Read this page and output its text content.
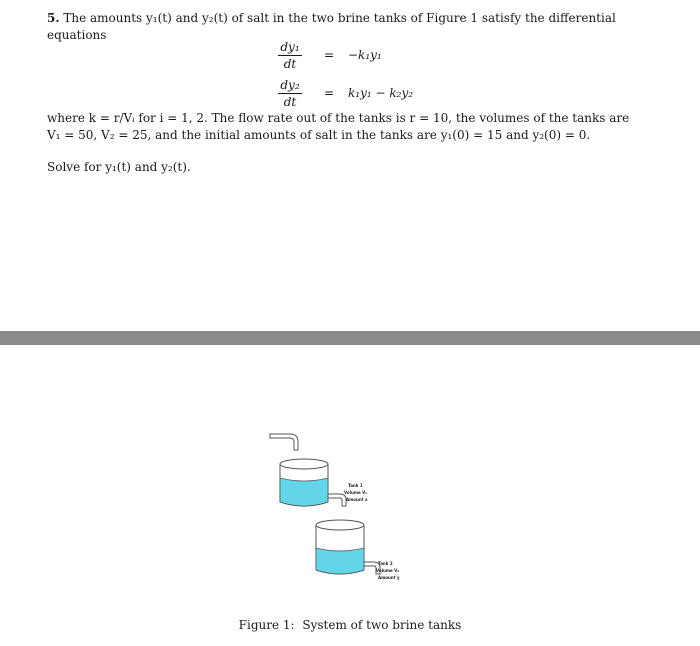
5. The amounts y₁(t) and y₂(t) of salt in the two brine tanks of Figure 1 satisfy the differential equations
$\frac{\text{dy₁}}{dt}$	=	−k₁y₁
$\frac{\text{dy₂}}{dt}$	=	k₁y₁ − k₂y₂
where k = r/Vᵢ for i = 1, 2. The flow rate out of the tanks is r = 10, the volumes of the tanks are
V₁ = 50, V₂ = 25, and the initial amounts of salt in the tanks are y₁(0) = 15 and y₂(0) = 0.
Solve for y₁(t) and y₂(t).
Tank 1
Volume V₁
Amount x
Tank 2
Volume V₂
Amount y
Figure 1: System of two brine tanks
